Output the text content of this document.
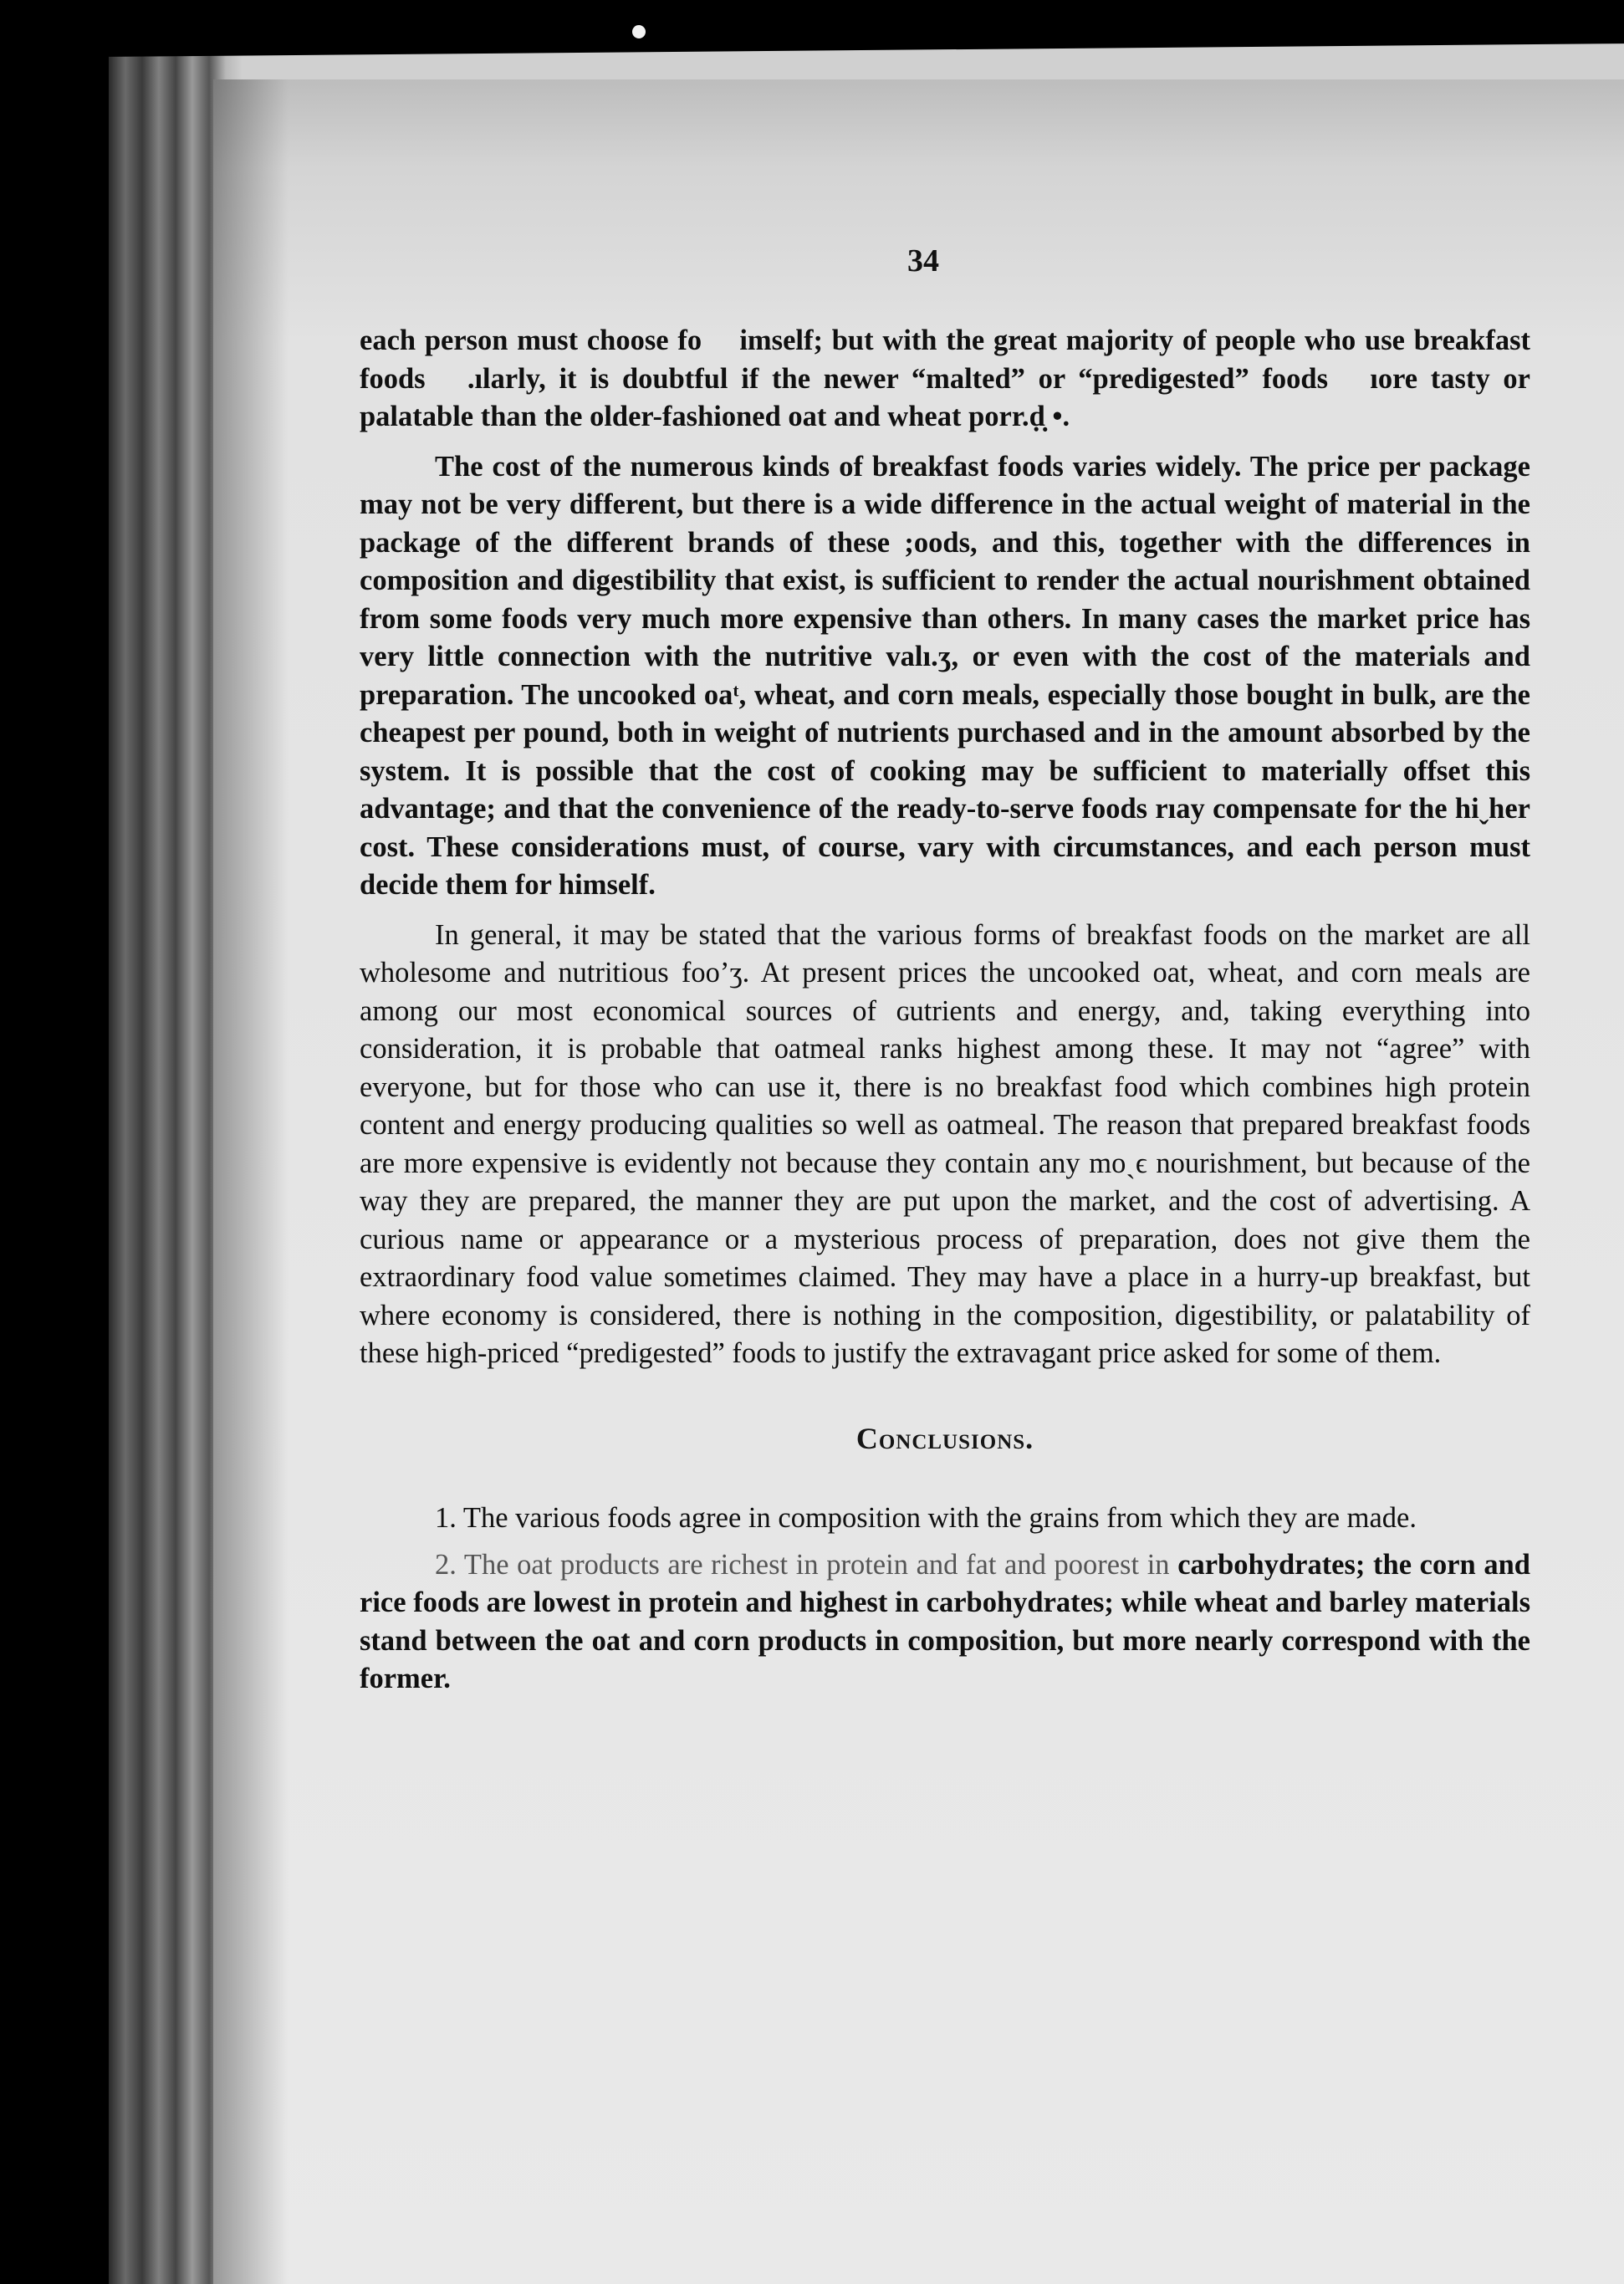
34

each person must choose fo  imself; but with the great majority of people who use breakfast foods  .ılarly, it is doubtful if the newer “malted” or “predigested” foods  ıore tasty or palatable than the older-fashioned oat and wheat porr.ḍ̣ •.

The cost of the numerous kinds of breakfast foods varies widely. The price per package may not be very different, but there is a wide difference in the actual weight of material in the package of the different brands of these ;oods, and this, together with the differences in composition and digestibility that exist, is sufficient to render the actual nourishment obtained from some foods very much more expensive than others. In many cases the market price has very little connection with the nutritive valı.ʒ, or even with the cost of the materials and preparation. The uncooked oaᵗ, wheat, and corn meals, especially those bought in bulk, are the cheapest per pound, both in weight of nutrients purchased and in the amount absorbed by the system. It is possible that the cost of cooking may be sufficient to materially offset this advantage; and that the convenience of the ready-to-serve foods rıay compensate for the hiˬher cost. These considerations must, of course, vary with circumstances, and each person must decide them for himself.

In general, it may be stated that the various forms of breakfast foods on the market are all wholesome and nutritious foo’ʒ. At present prices the uncooked oat, wheat, and corn meals are among our most economical sources of ɢutrients and energy, and, taking everything into consideration, it is probable that oatmeal ranks highest among these. It may not “agree” with everyone, but for those who can use it, there is no breakfast food which combines high protein content and energy producing qualities so well as oatmeal. The reason that prepared breakfast foods are more expensive is evidently not because they contain any moˎϵ nourishment, but because of the way they are prepared, the manner they are put upon the market, and the cost of advertising. A curious name or appearance or a mysterious process of preparation, does not give them the extraordinary food value sometimes claimed. They may have a place in a hurry-up breakfast, but where economy is considered, there is nothing in the composition, digestibility, or palatability of these high-priced “predigested” foods to justify the extravagant price asked for some of them.

Conclusions.

1. The various foods agree in composition with the grains from which they are made.

2. The oat products are richest in protein and fat and poorest in carbohydrates; the corn and rice foods are lowest in protein and highest in carbohydrates; while wheat and barley materials stand between the oat and corn products in composition, but more nearly correspond with the former.
